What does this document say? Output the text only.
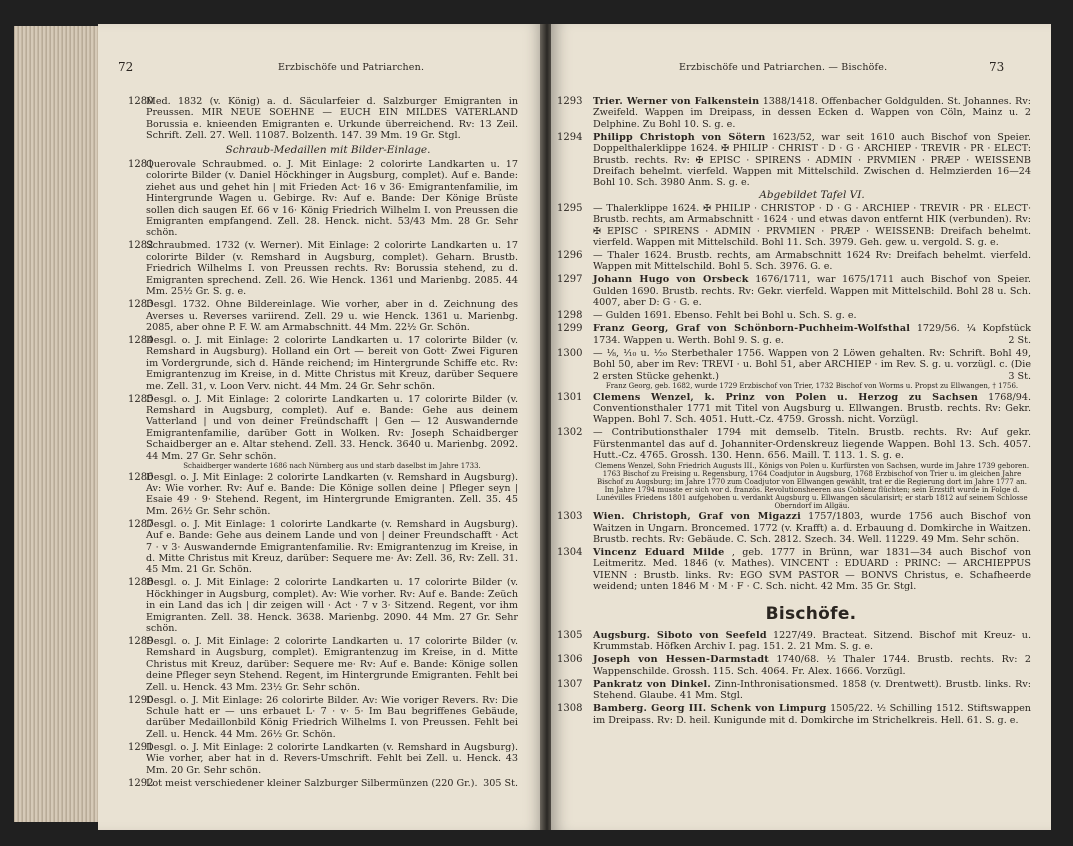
72	Erzbischöfe und Patriarchen.
1280
Med. 1832 (v. König) a. d. Säcularfeier d. Salzburger Emigranten in Preussen. MIR NEUE SOEHNE — EUCH EIN MILDES VATERLAND Borussia e. knieenden Emigranten e. Urkunde überreichend. Rv: 13 Zeil. Schrift. Zell. 27. Well. 11087. Bolzenth. 147. 39 Mm. 19 Gr. Stgl.
Schraub-Medaillen mit Bilder-Einlage.
1281
Querovale Schraubmed. o. J. Mit Einlage: 2 colorirte Landkarten u. 17 colorirte Bilder (v. Daniel Höckhinger in Augsburg, complet). Auf e. Bande: ziehet aus und gehet hin | mit Frieden Act· 16 v 36· Emigrantenfamilie, im Hintergrunde Wagen u. Gebirge. Rv: Auf e. Bande: Der Könige Brüste sollen dich saugen Ef. 66 v 16· König Friedrich Wilhelm I. von Preussen die Emigranten empfangend. Zell. 28. Henck. nicht. 53/43 Mm. 28 Gr. Sehr schön.
1282
Schraubmed. 1732 (v. Werner). Mit Einlage: 2 colorirte Landkarten u. 17 colorirte Bilder (v. Remshard in Augsburg, complet). Geharn. Brustb. Friedrich Wilhelms I. von Preussen rechts. Rv: Borussia stehend, zu d. Emigranten sprechend. Zell. 26. Wie Henck. 1361 und Marienbg. 2085. 44 Mm. 25½ Gr. S. g. e.
1283
Desgl. 1732. Ohne Bildereinlage. Wie vorher, aber in d. Zeichnung des Averses u. Reverses variirend. Zell. 29 u. wie Henck. 1361 u. Marienbg. 2085, aber ohne P. F. W. am Armabschnitt. 44 Mm. 22½ Gr. Schön.
1284
Desgl. o. J. mit Einlage: 2 colorirte Landkarten u. 17 colorirte Bilder (v. Remshard in Augsburg). Holland ein Ort — bereit von Gott· Zwei Figuren im Vordergrunde, sich d. Hände reichend; im Hintergrunde Schiffe etc. Rv: Emigrantenzug im Kreise, in d. Mitte Christus mit Kreuz, darüber Sequere me. Zell. 31, v. Loon Verv. nicht. 44 Mm. 24 Gr. Sehr schön.
1285
Desgl. o. J. Mit Einlage: 2 colorirte Landkarten u. 17 colorirte Bilder (v. Remshard in Augsburg, complet). Auf e. Bande: Gehe aus deinem Vatterland | und von deiner Freündschafft | Gen — 12 Auswandernde Emigrantenfamilie, darüber Gott in Wolken. Rv: Joseph Schaidberger Schaidberger an e. Altar stehend. Zell. 33. Henck. 3640 u. Marienbg. 2092. 44 Mm. 27 Gr. Sehr schön.
Schaidberger wanderte 1686 nach Nürnberg aus und starb daselbst im Jahre 1733.
1286
Desgl. o. J. Mit Einlage: 2 colorirte Landkarten (v. Remshard in Augsburg). Av: Wie vorher. Rv: Auf e. Bande: Die Könige sollen deine | Pfleger seyn | Esaie 49 · 9· Stehend. Regent, im Hintergrunde Emigranten. Zell. 35. 45 Mm. 26½ Gr. Sehr schön.
1287
Desgl. o. J. Mit Einlage: 1 colorirte Landkarte (v. Remshard in Augsburg). Auf e. Bande: Gehe aus deinem Lande und von | deiner Freundschafft · Act 7 · v 3· Auswandernde Emigrantenfamilie. Rv: Emigrantenzug im Kreise, in d. Mitte Christus mit Kreuz, darüber: Sequere me· Av: Zell. 36, Rv: Zell. 31. 45 Mm. 21 Gr. Schön.
1288
Desgl. o. J. Mit Einlage: 2 colorirte Landkarten u. 17 colorirte Bilder (v. Höckhinger in Augsburg, complet). Av: Wie vorher. Rv: Auf e. Bande: Zeüch in ein Land das ich | dir zeigen will · Act · 7 v 3· Sitzend. Regent, vor ihm Emigranten. Zell. 38. Henck. 3638. Marienbg. 2090. 44 Mm. 27 Gr. Sehr schön.
1289
Desgl. o. J. Mit Einlage: 2 colorirte Landkarten u. 17 colorirte Bilder (v. Remshard in Augsburg, complet). Emigrantenzug im Kreise, in d. Mitte Christus mit Kreuz, darüber: Sequere me· Rv: Auf e. Bande: Könige sollen deine Pfleger seyn Stehend. Regent, im Hintergrunde Emigranten. Fehlt bei Zell. u. Henck. 43 Mm. 23½ Gr. Sehr schön.
1290
Desgl. o. J. Mit Einlage: 26 colorirte Bilder. Av: Wie voriger Revers. Rv: Die Schule hatt er — uns erbauet L· 7 · v· 5· Im Bau begriffenes Gebäude, darüber Medaillonbild König Friedrich Wilhelms I. von Preussen. Fehlt bei Zell. u. Henck. 44 Mm. 26½ Gr. Schön.
1291
Desgl. o. J. Mit Einlage: 2 colorirte Landkarten (v. Remshard in Augsburg). Wie vorher, aber hat in d. Revers-Umschrift. Fehlt bei Zell. u. Henck. 43 Mm. 20 Gr. Sehr schön.
1292
Lot meist verschiedener kleiner Salzburger Silbermünzen (220 Gr.). 305 St.
Erzbischöfe und Patriarchen. — Bischöfe.	73
1293 Trier. Werner von Falkenstein 1388/1418. Offenbacher Goldgulden. St. Johannes. Rv: Zweifeld. Wappen im Dreipass, in dessen Ecken d. Wappen von Cöln, Mainz u. 2 Delphine. Zu Bohl 10. S. g. e.
1294 Philipp Christoph von Sötern 1623/52, war seit 1610 auch Bischof von Speier. Doppelthalerklippe 1624. ✠ PHILIP · CHRIST · D · G · ARCHIEP · TREVIR · PR · ELECT: Brustb. rechts. Rv: ✠ EPISC · SPIRENS · ADMIN · PRVMIEN · PRÆP · WEISSENB Dreifach behelmt. vierfeld. Wappen mit Mittelschild. Zwischen d. Helmzierden 16—24 Bohl 10. Sch. 3980 Anm. S. g. e.
Abgebildet Tafel VI.
1295 — Thalerklippe 1624. ✠ PHILIP · CHRISTOP · D · G · ARCHIEP · TREVIR · PR · ELECT· Brustb. rechts, am Armabschnitt · 1624 · und etwas davon entfernt HIK (verbunden). Rv: ✠ EPISC · SPIRENS · ADMIN · PRVMIEN · PRÆP · WEISSENB: Dreifach behelmt. vierfeld. Wappen mit Mittelschild. Bohl 11. Sch. 3979. Geh. gew. u. vergold. S. g. e.
1296 — Thaler 1624. Brustb. rechts, am Armabschnitt 1624 Rv: Dreifach behelmt. vierfeld. Wappen mit Mittelschild. Bohl 5. Sch. 3976. G. e.
1297 Johann Hugo von Orsbeck 1676/1711, war 1675/1711 auch Bischof von Speier. Gulden 1690. Brustb. rechts. Rv: Gekr. vierfeld. Wappen mit Mittelschild. Bohl 28 u. Sch. 4007, aber D: G · G. e.
1298 — Gulden 1691. Ebenso. Fehlt bei Bohl u. Sch. S. g. e.
1299 Franz Georg, Graf von Schönborn-Puchheim-Wolfsthal 1729/56. ¼ Kopfstück 1734. Wappen u. Werth. Bohl 9. S. g. e.	2 St.
1300 — ⅛, ⅟₁₀ u. ⅟₂₀ Sterbethaler 1756. Wappen von 2 Löwen gehalten. Rv: Schrift. Bohl 49, Bohl 50, aber im Rev: TREVI · u. Bohl 51, aber ARCHIEP · im Rev. S. g. u. vorzügl. c. (Die 2 ersten Stücke gehenkt.)	3 St.
Franz Georg, geb. 1682, wurde 1729 Erzbischof von Trier, 1732 Bischof von Worms u. Propst zu Ellwangen, † 1756.
1301 Clemens Wenzel, k. Prinz von Polen u. Herzog zu Sachsen 1768/94. Conventionsthaler 1771 mit Titel von Augsburg u. Ellwangen. Brustb. rechts. Rv: Gekr. Wappen. Bohl 7. Sch. 4051. Hutt.-Cz. 4759. Grossh. nicht. Vorzügl.
1302 — Contributionsthaler 1794 mit demselb. Titeln. Brustb. rechts. Rv: Auf gekr. Fürstenmantel das auf d. Johanniter-Ordenskreuz liegende Wappen. Bohl 13. Sch. 4057. Hutt.-Cz. 4765. Grossh. 130. Henn. 656. Maill. T. 113. 1. S. g. e.
Clemens Wenzel, Sohn Friedrich Augusts III., Königs von Polen u. Kurfürsten von Sachsen, wurde im Jahre 1739 geboren. 1763 Bischof zu Freising u. Regensburg, 1764 Coadjutor in Augsburg, 1768 Erzbischof von Trier u. im gleichen Jahre Bischof zu Augsburg; im Jahre 1770 zum Coadjutor von Ellwangen gewählt, trat er die Regierung dort im Jahre 1777 an. Im Jahre 1794 musste er sich vor d. französ. Revolutionsheeren aus Coblenz flüchten; sein Erzstift wurde in Folge d. Lunévilles Friedens 1801 aufgehoben u. verdankt Augsburg u. Ellwangen säcularisirt; er starb 1812 auf seinem Schlosse Oberndorf im Allgäu.
1303 Wien. Christoph, Graf von Migazzi 1757/1803, wurde 1756 auch Bischof von Waitzen in Ungarn. Broncemed. 1772 (v. Krafft) a. d. Erbauung d. Domkirche in Waitzen. Brustb. rechts. Rv: Gebäude. C. Sch. 2812. Szech. 34. Well. 11229. 49 Mm. Sehr schön.
1304 Vincenz Eduard Milde , geb. 1777 in Brünn, war 1831—34 auch Bischof von Leitmeritz. Med. 1846 (v. Mathes). VINCENT : EDUARD : PRINC: — ARCHIEPPUS VIENN : Brustb. links. Rv: EGO SVM PASTOR — BONVS Christus, e. Schafheerde weidend; unten 1846 M · M · F · C. Sch. nicht. 42 Mm. 35 Gr. Stgl.
Bischöfe.
1305 Augsburg. Siboto von Seefeld 1227/49. Bracteat. Sitzend. Bischof mit Kreuz- u. Krummstab. Höfken Archiv I. pag. 151. 2. 21 Mm. S. g. e.
1306 Joseph von Hessen-Darmstadt 1740/68. ½ Thaler 1744. Brustb. rechts. Rv: 2 Wappenschilde. Grossh. 115. Sch. 4064. Fr. Alex. 1666. Vorzügl.
1307 Pankratz von Dinkel. Zinn-Inthronisationsmed. 1858 (v. Drentwett). Brustb. links. Rv: Stehend. Glaube. 41 Mm. Stgl.
1308 Bamberg. Georg III. Schenk von Limpurg 1505/22. ⅟₂ Schilling 1512. Stiftswappen im Dreipass. Rv: D. heil. Kunigunde mit d. Domkirche im Strichelkreis. Hell. 61. S. g. e.
